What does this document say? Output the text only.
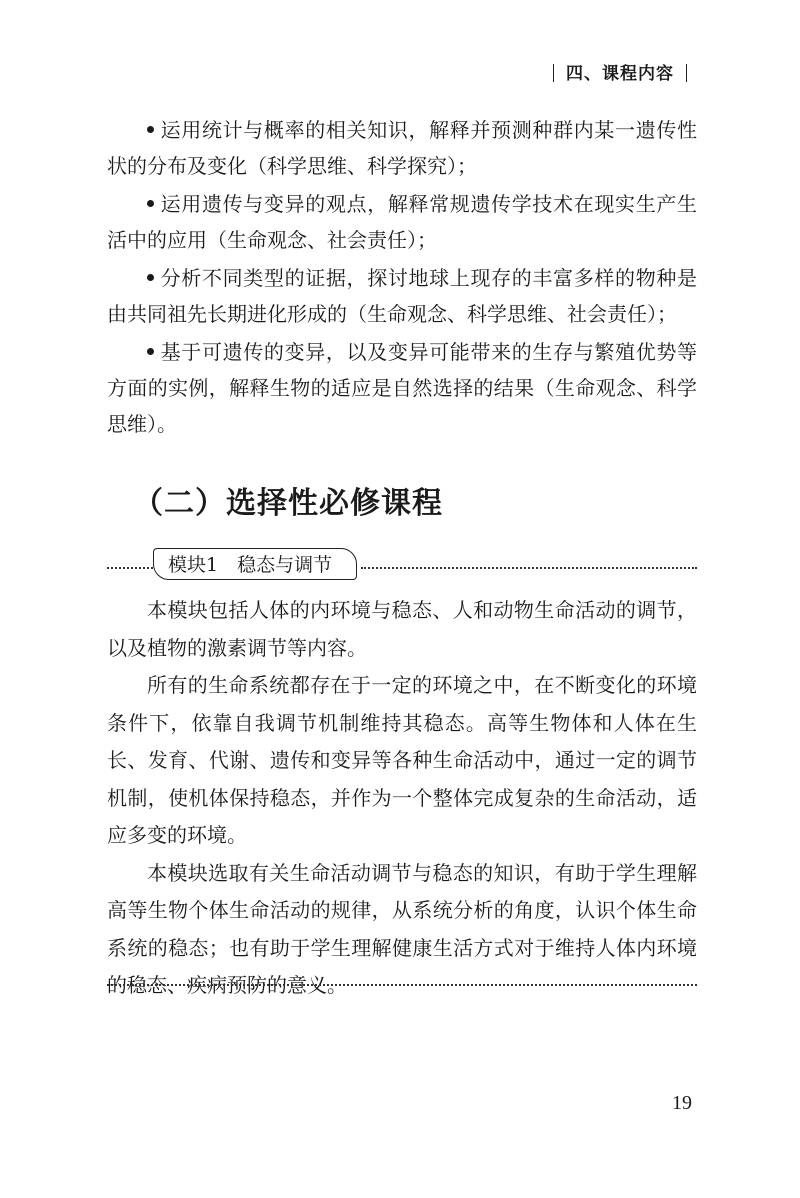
四、课程内容

运用统计与概率的相关知识，解释并预测种群内某一遗传性状的分布及变化（科学思维、科学探究）；

运用遗传与变异的观点，解释常规遗传学技术在现实生产生活中的应用（生命观念、社会责任）；

分析不同类型的证据，探讨地球上现存的丰富多样的物种是由共同祖先长期进化形成的（生命观念、科学思维、社会责任）；

基于可遗传的变异，以及变异可能带来的生存与繁殖优势等方面的实例，解释生物的适应是自然选择的结果（生命观念、科学思维）。

（二）选择性必修课程
模块1　稳态与调节

本模块包括人体的内环境与稳态、人和动物生命活动的调节，以及植物的激素调节等内容。

所有的生命系统都存在于一定的环境之中，在不断变化的环境条件下，依靠自我调节机制维持其稳态。高等生物体和人体在生长、发育、代谢、遗传和变异等各种生命活动中，通过一定的调节机制，使机体保持稳态，并作为一个整体完成复杂的生命活动，适应多变的环境。

本模块选取有关生命活动调节与稳态的知识，有助于学生理解高等生物个体生命活动的规律，从系统分析的角度，认识个体生命系统的稳态；也有助于学生理解健康生活方式对于维持人体内环境的稳态、疾病预防的意义。

19
